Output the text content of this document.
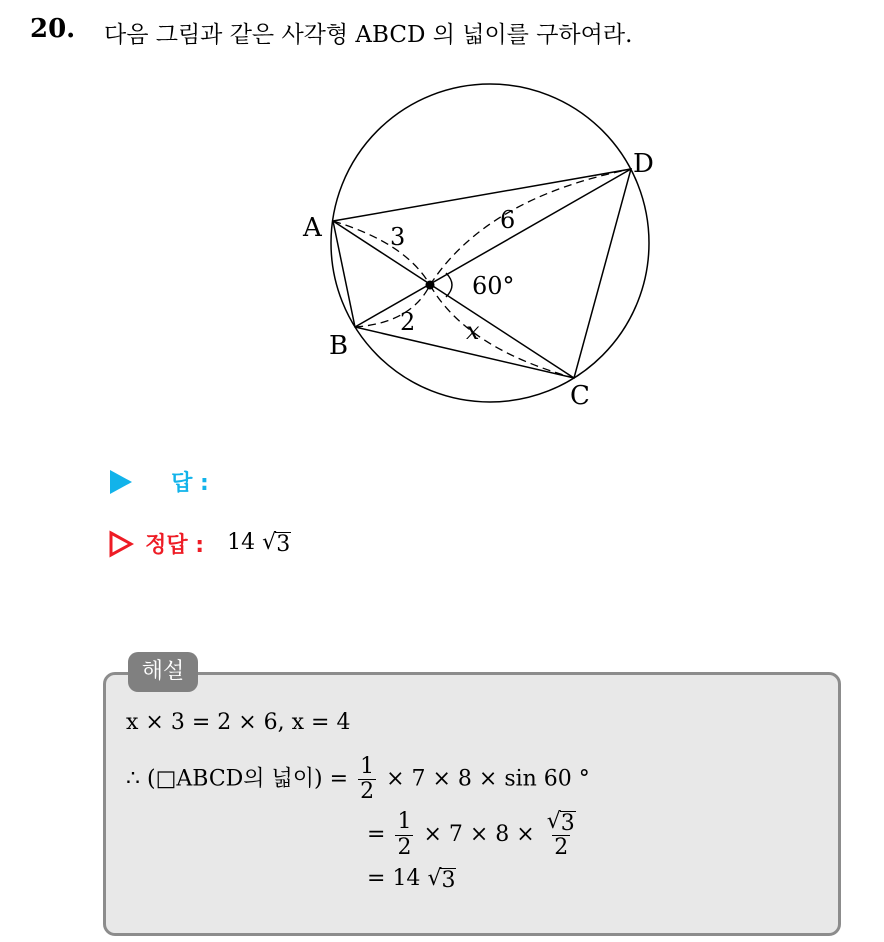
20. 다음 그림과 같은 사각형 ABCD 의 넓이를 구하여라.
A
B
C
D
3
6
2 x
60°
답 :
정답 : 14 √ 3
해설
x × 3 = 2 × 6, x = 4
∴ (□ABCD의 넓이) = $\frac{1}{2} \times 7 \times 8 \times \sin 60$ °
= $\frac{1}{2} \times 7 \times 8 \times \frac{√ 3}{2}$
= 14 √ 3
